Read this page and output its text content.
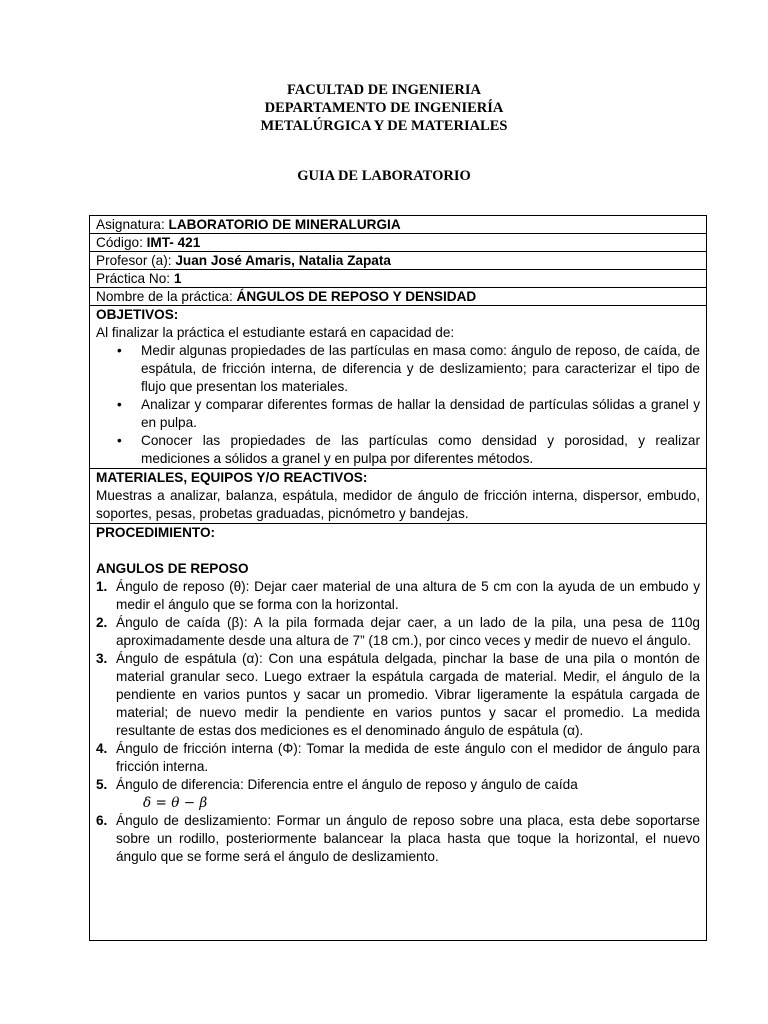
FACULTAD DE INGENIERIA
DEPARTAMENTO DE INGENIERÍA
METALÚRGICA Y DE MATERIALES
GUIA DE LABORATORIO
Asignatura: LABORATORIO DE MINERALURGIA
Código: IMT- 421
Profesor (a): Juan José Amaris, Natalia Zapata
Práctica No: 1
Nombre de la práctica: ÁNGULOS DE REPOSO Y DENSIDAD
OBJETIVOS:
Al finalizar la práctica el estudiante estará en capacidad de:
• Medir algunas propiedades de las partículas en masa como: ángulo de reposo, de caída, de espátula, de fricción interna, de diferencia y de deslizamiento; para caracterizar el tipo de flujo que presentan los materiales.
• Analizar y comparar diferentes formas de hallar la densidad de partículas sólidas a granel y en pulpa.
• Conocer las propiedades de las partículas como densidad y porosidad, y realizar mediciones a sólidos a granel y en pulpa por diferentes métodos.
MATERIALES, EQUIPOS Y/O REACTIVOS:
Muestras a analizar, balanza, espátula, medidor de ángulo de fricción interna, dispersor, embudo, soportes, pesas, probetas graduadas, picnómetro y bandejas.
PROCEDIMIENTO:
ANGULOS DE REPOSO
1. Ángulo de reposo (θ): Dejar caer material de una altura de 5 cm con la ayuda de un embudo y medir el ángulo que se forma con la horizontal.
2. Ángulo de caída (β): A la pila formada dejar caer, a un lado de la pila, una pesa de 110g aproximadamente desde una altura de 7” (18 cm.), por cinco veces y medir de nuevo el ángulo.
3. Ángulo de espátula (α): Con una espátula delgada, pinchar la base de una pila o montón de material granular seco. Luego extraer la espátula cargada de material. Medir, el ángulo de la pendiente en varios puntos y sacar un promedio. Vibrar ligeramente la espátula cargada de material; de nuevo medir la pendiente en varios puntos y sacar el promedio. La medida resultante de estas dos mediciones es el denominado ángulo de espátula (α).
4. Ángulo de fricción interna (Φ): Tomar la medida de este ángulo con el medidor de ángulo para fricción interna.
5. Ángulo de diferencia: Diferencia entre el ángulo de reposo y ángulo de caída
δ = θ − β
6. Ángulo de deslizamiento: Formar un ángulo de reposo sobre una placa, esta debe soportarse sobre un rodillo, posteriormente balancear la placa hasta que toque la horizontal, el nuevo ángulo que se forme será el ángulo de deslizamiento.
